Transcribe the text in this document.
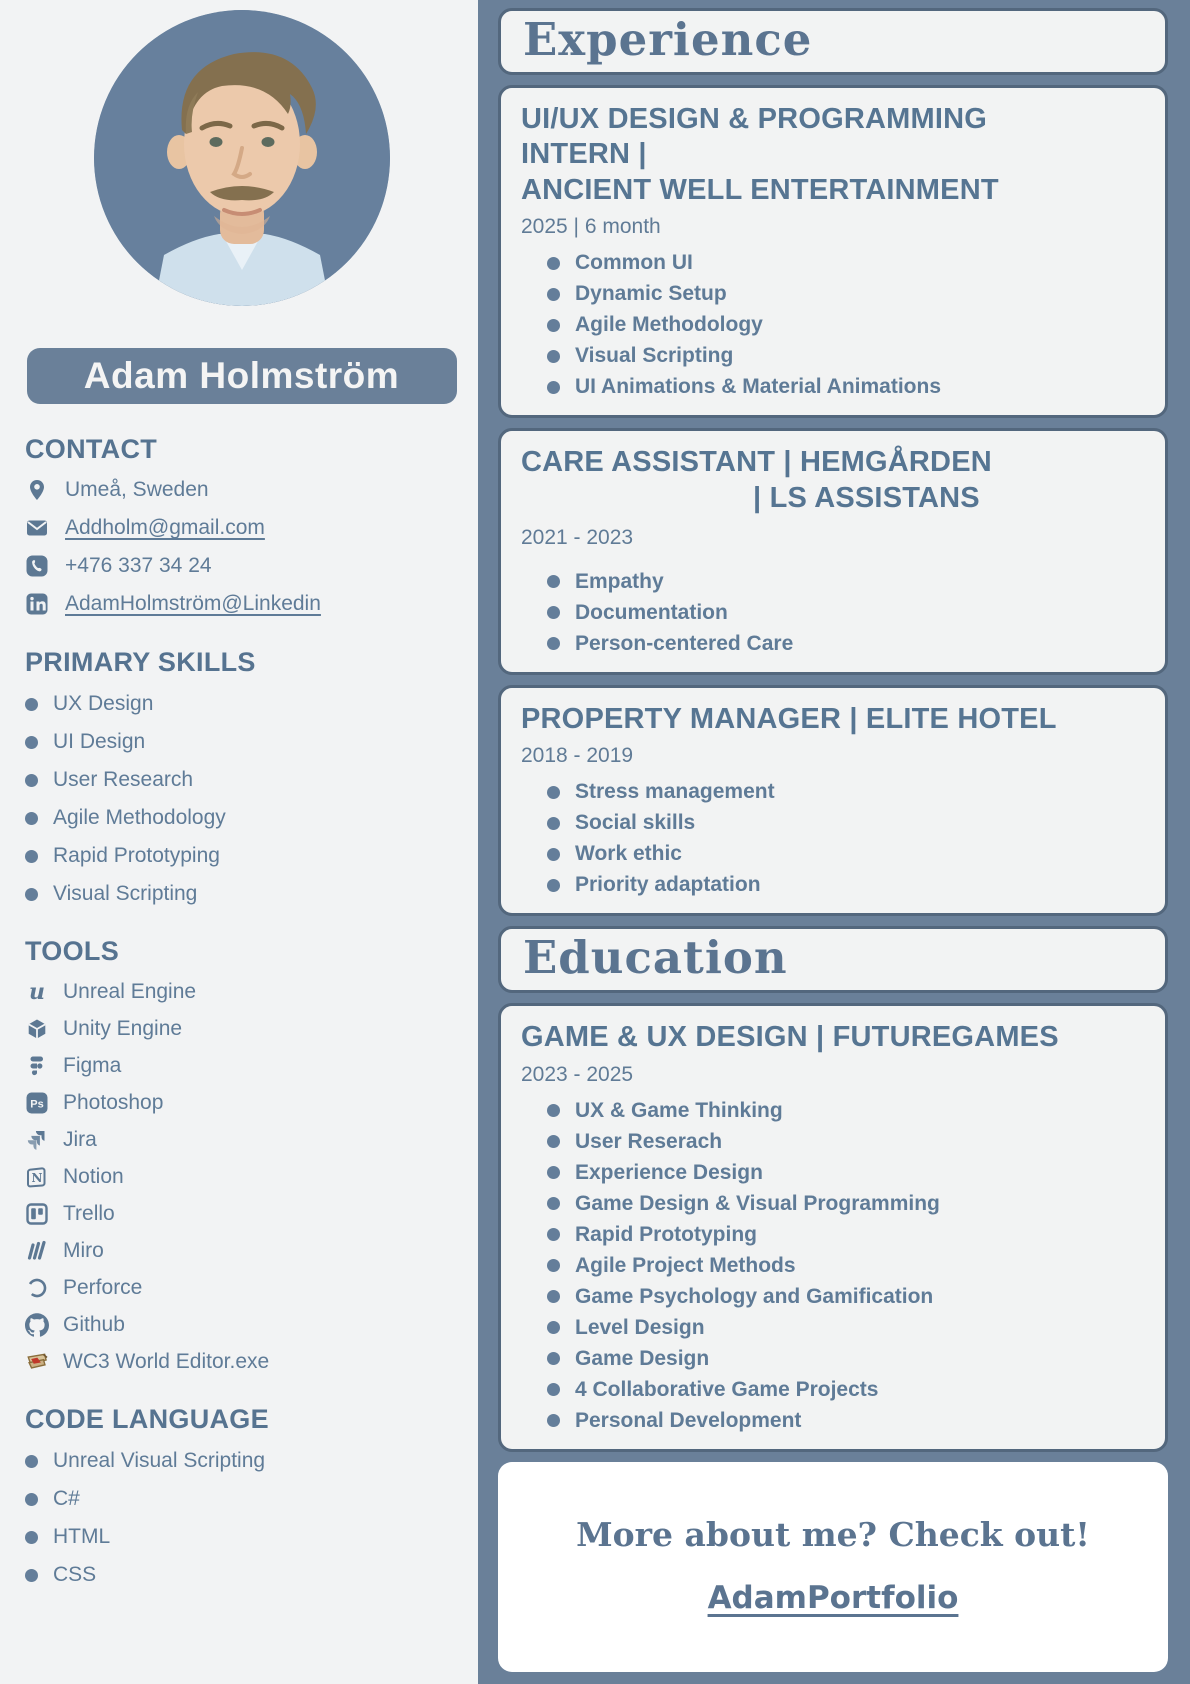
Adam Holmström
CONTACT
Umeå, Sweden
Addholm@gmail.com
+476 337 34 24
AdamHolmström@Linkedin
PRIMARY SKILLS
UX Design
UI Design
User Research
Agile Methodology
Rapid Prototyping
Visual Scripting
TOOLS
u Unreal Engine
Unity Engine
Figma
Ps Photoshop
Jira
N Notion
Trello
Miro
Perforce
Github
WC3 World Editor.exe
CODE LANGUAGE
Unreal Visual Scripting
C#
HTML
CSS
Experience
UI/UX DESIGN & PROGRAMMING
INTERN |
ANCIENT WELL ENTERTAINMENT
2025 | 6 month
Common UI
Dynamic Setup
Agile Methodology
Visual Scripting
UI Animations & Material Animations
CARE ASSISTANT | HEMGÅRDEN
| LS ASSISTANS
2021 - 2023
Empathy
Documentation
Person-centered Care
PROPERTY MANAGER | ELITE HOTEL
2018 - 2019
Stress management
Social skills
Work ethic
Priority adaptation
Education
GAME & UX DESIGN | FUTUREGAMES
2023 - 2025
UX & Game Thinking
User Reserach
Experience Design
Game Design & Visual Programming
Rapid Prototyping
Agile Project Methods
Game Psychology and Gamification
Level Design
Game Design
4 Collaborative Game Projects
Personal Development
More about me? Check out!
AdamPortfolio
